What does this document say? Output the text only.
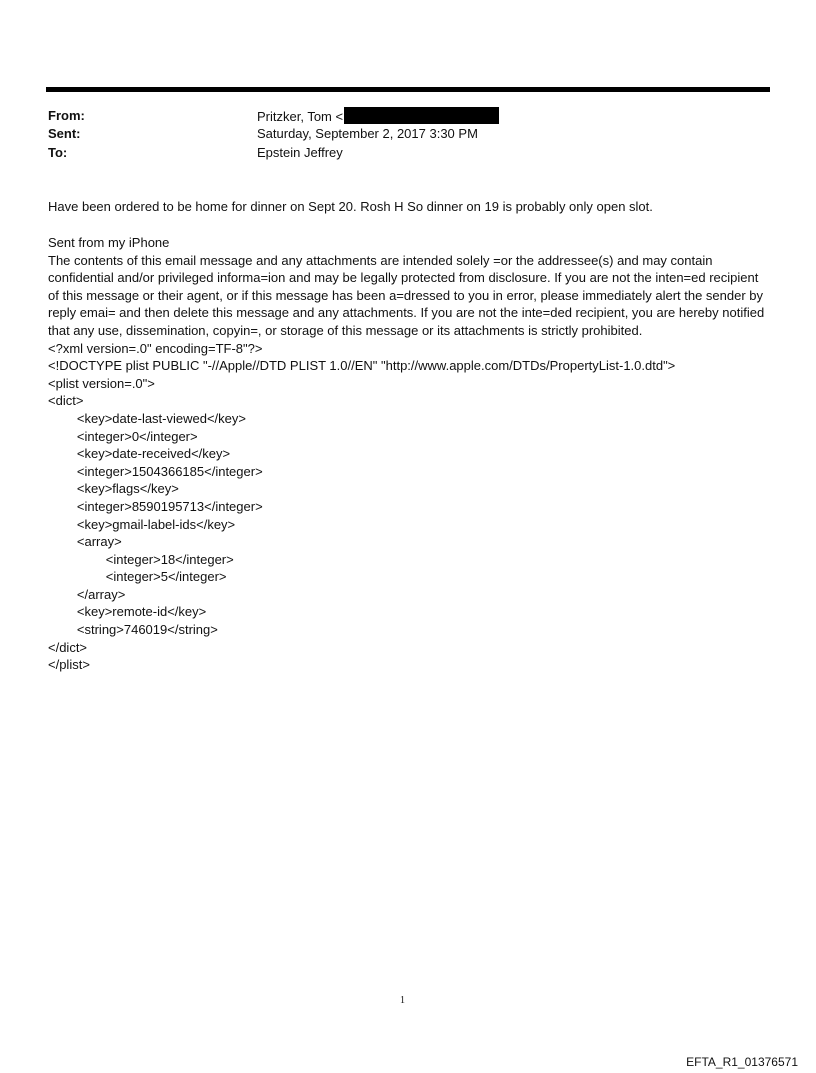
From:	Pritzker, Tom <
Sent:	Saturday, September 2, 2017 3:30 PM
To:	Epstein Jeffrey

Have been ordered to be home for dinner on Sept 20. Rosh H So dinner on 19 is probably only open slot.

Sent from my iPhone

The contents of this email message and any attachments are intended solely =or the addressee(s) and may contain confidential and/or privileged informa=ion and may be legally protected from disclosure. If you are not the inten=ed recipient of this message or their agent, or if this message has been a=dressed to you in error, please immediately alert the sender by reply emai= and then delete this message and any attachments. If you are not the inte=ded recipient, you are hereby notified that any use, dissemination, copyin=, or storage of this message or its attachments is strictly prohibited.

<?xml version=.0" encoding=TF-8"?>
<!DOCTYPE plist PUBLIC "-//Apple//DTD PLIST 1.0//EN" "http://www.apple.com/DTDs/PropertyList-1.0.dtd">
<plist version=.0">
<dict>
<key>date-last-viewed</key>
<integer>0</integer>
<key>date-received</key>
<integer>1504366185</integer>
<key>flags</key>
<integer>8590195713</integer>
<key>gmail-label-ids</key>
<array>
<integer>18</integer>
<integer>5</integer>
</array>
<key>remote-id</key>
<string>746019</string>
</dict>
</plist>
1
EFTA_R1_01376571
